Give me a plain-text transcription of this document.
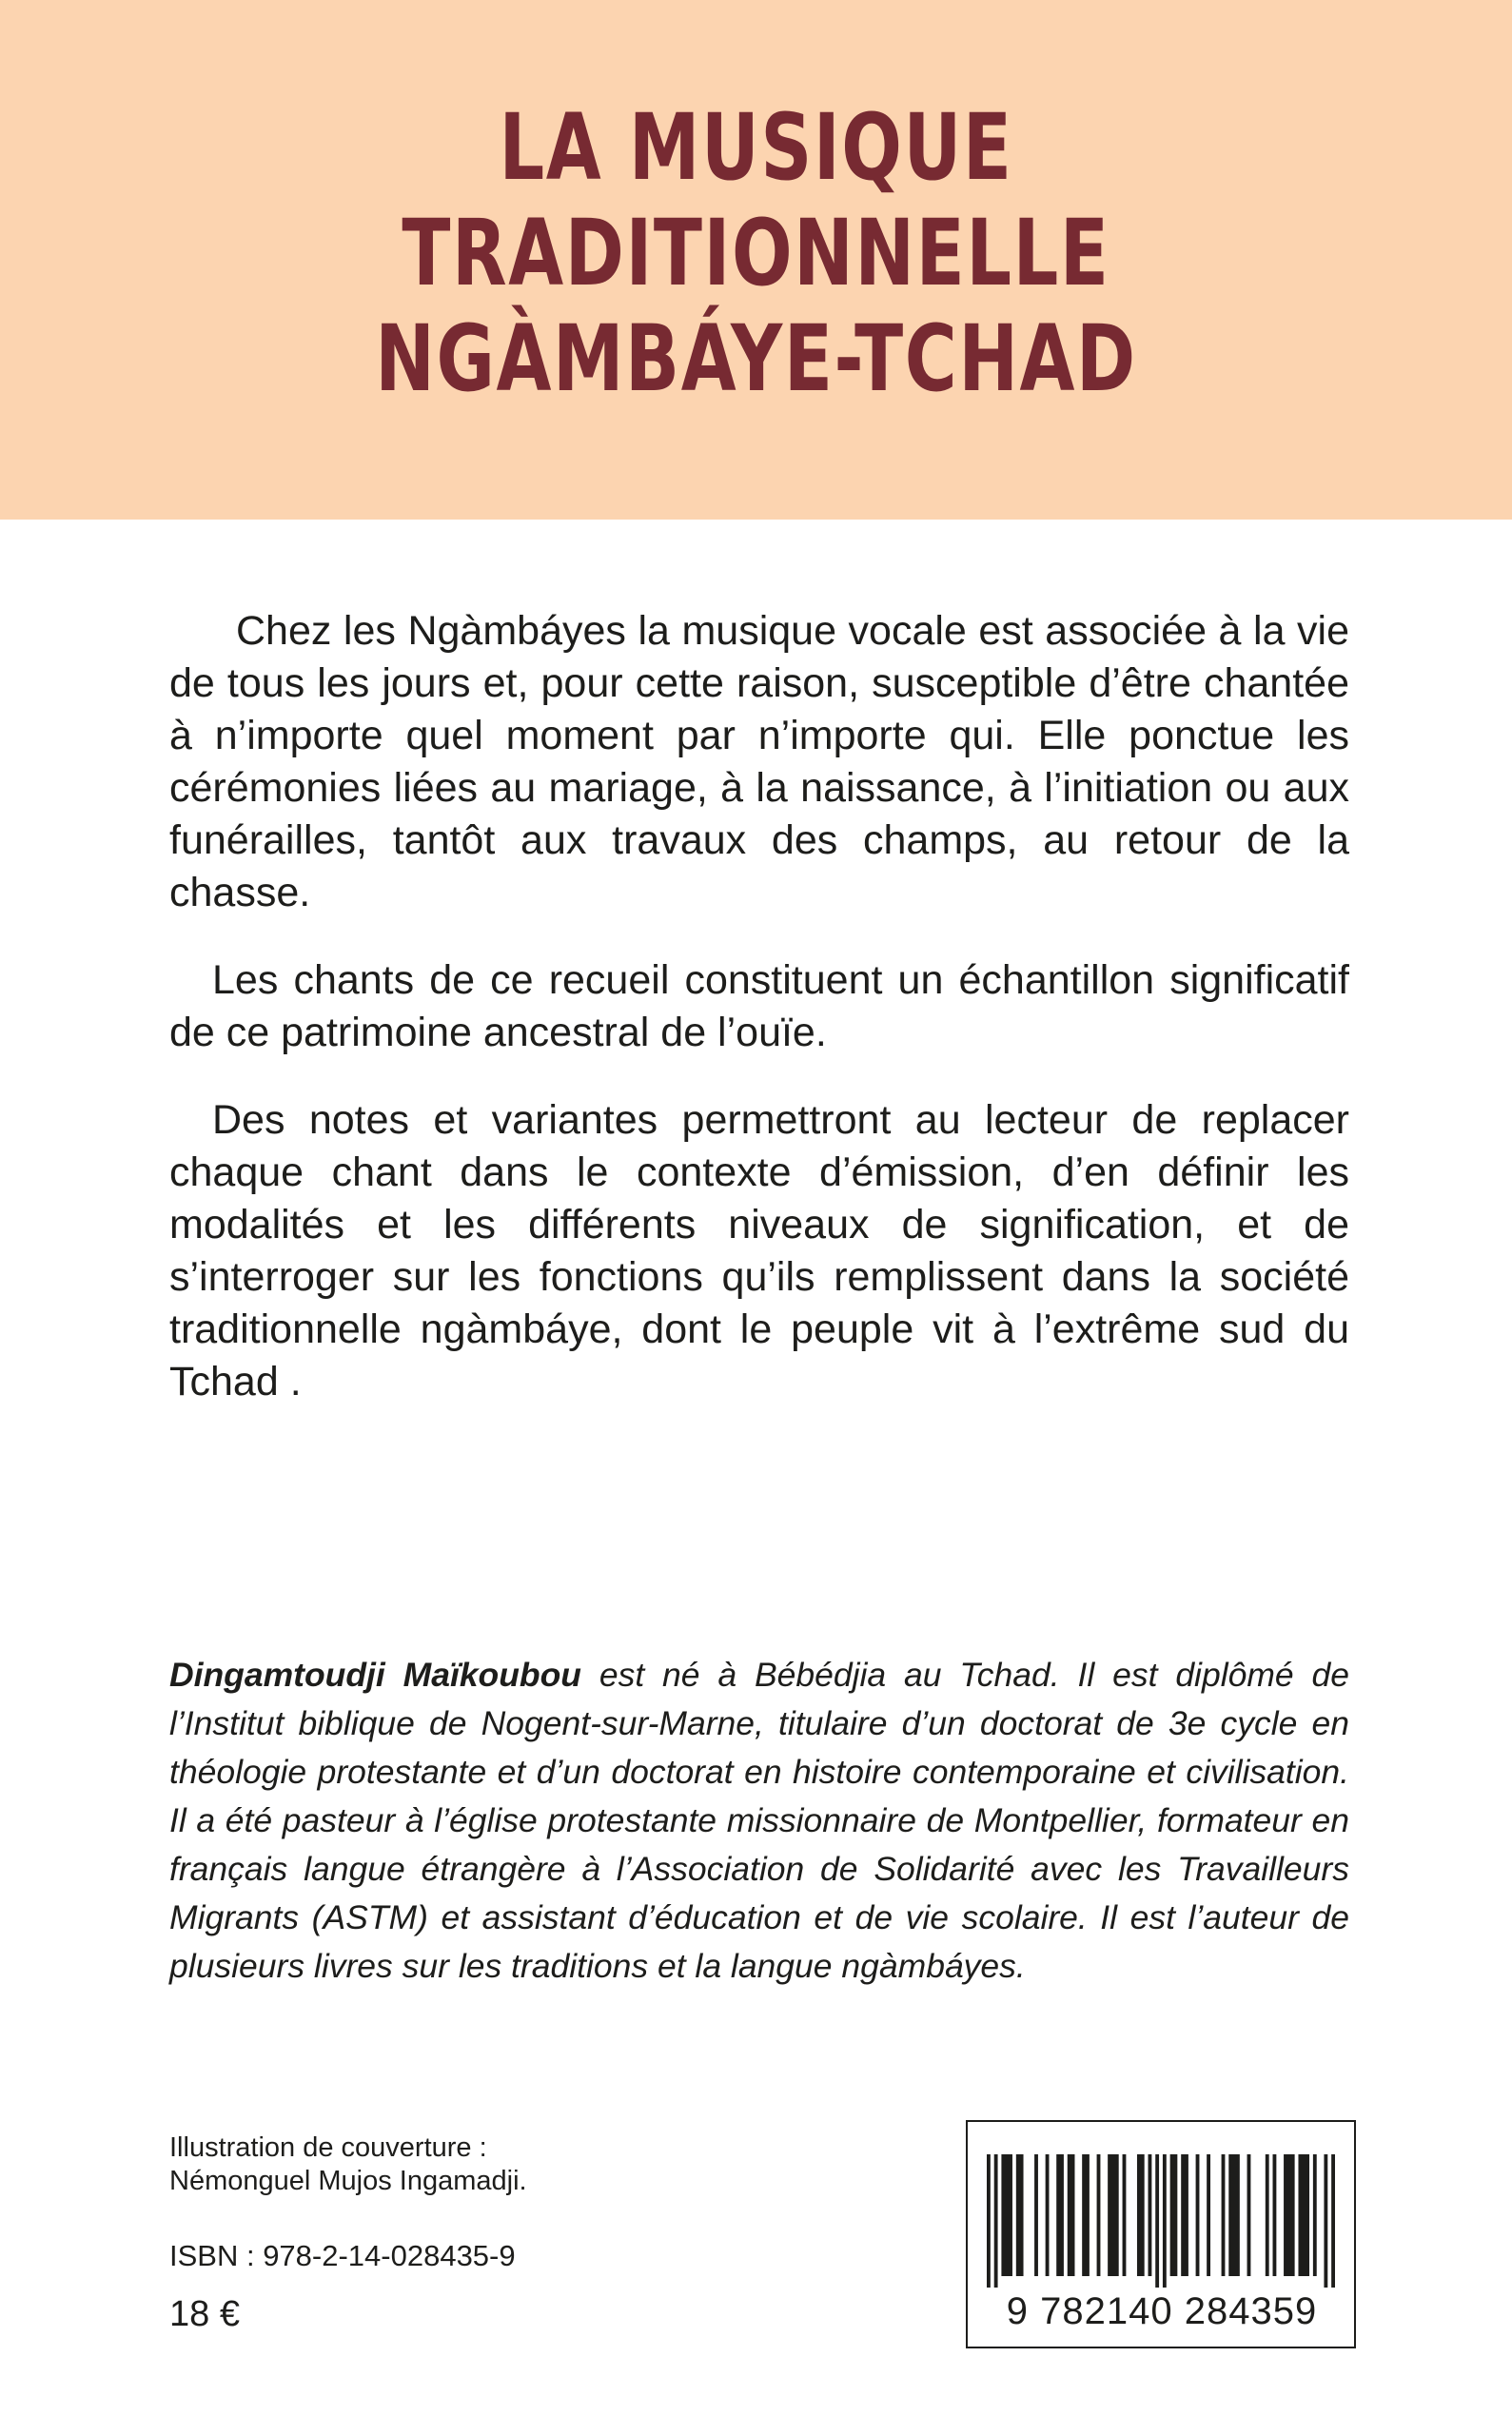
LA MUSIQUE
TRADITIONNELLE
NGÀMBÁYE-TCHAD

Chez les Ngàmbáyes la musique vocale est associée à la vie de tous les jours et, pour cette raison, susceptible d’être chantée à n’importe quel moment par n’importe qui. Elle ponctue les cérémonies liées au mariage, à la naissance, à l’initiation ou aux funérailles, tantôt aux travaux des champs, au retour de la chasse.

Les chants de ce recueil constituent un échantillon significatif de ce patrimoine ancestral de l’ouïe.

Des notes et variantes permettront au lecteur de replacer chaque chant dans le contexte d’émission, d’en définir les modalités et les différents niveaux de signification, et de s’interroger sur les fonctions qu’ils remplissent dans la société traditionnelle ngàmbáye, dont le peuple vit à l’extrême sud du Tchad .

Dingamtoudji Maïkoubou est né à Bébédjia au Tchad. Il est diplômé de l’Institut biblique de Nogent-sur-Marne, titulaire d’un doctorat de 3e cycle en théologie protestante et d’un doctorat en histoire contemporaine et civilisation. Il a été pasteur à l’église protestante missionnaire de Montpellier, formateur en français langue étrangère à l’Association de Solidarité avec les Travailleurs Migrants (ASTM) et assistant d’éducation et de vie scolaire. Il est l’auteur de plusieurs livres sur les traditions et la langue ngàmbáyes.

Illustration de couverture :
Némonguel Mujos Ingamadji.
ISBN : 978-2-14-028435-9
18 €	9 782140 284359
